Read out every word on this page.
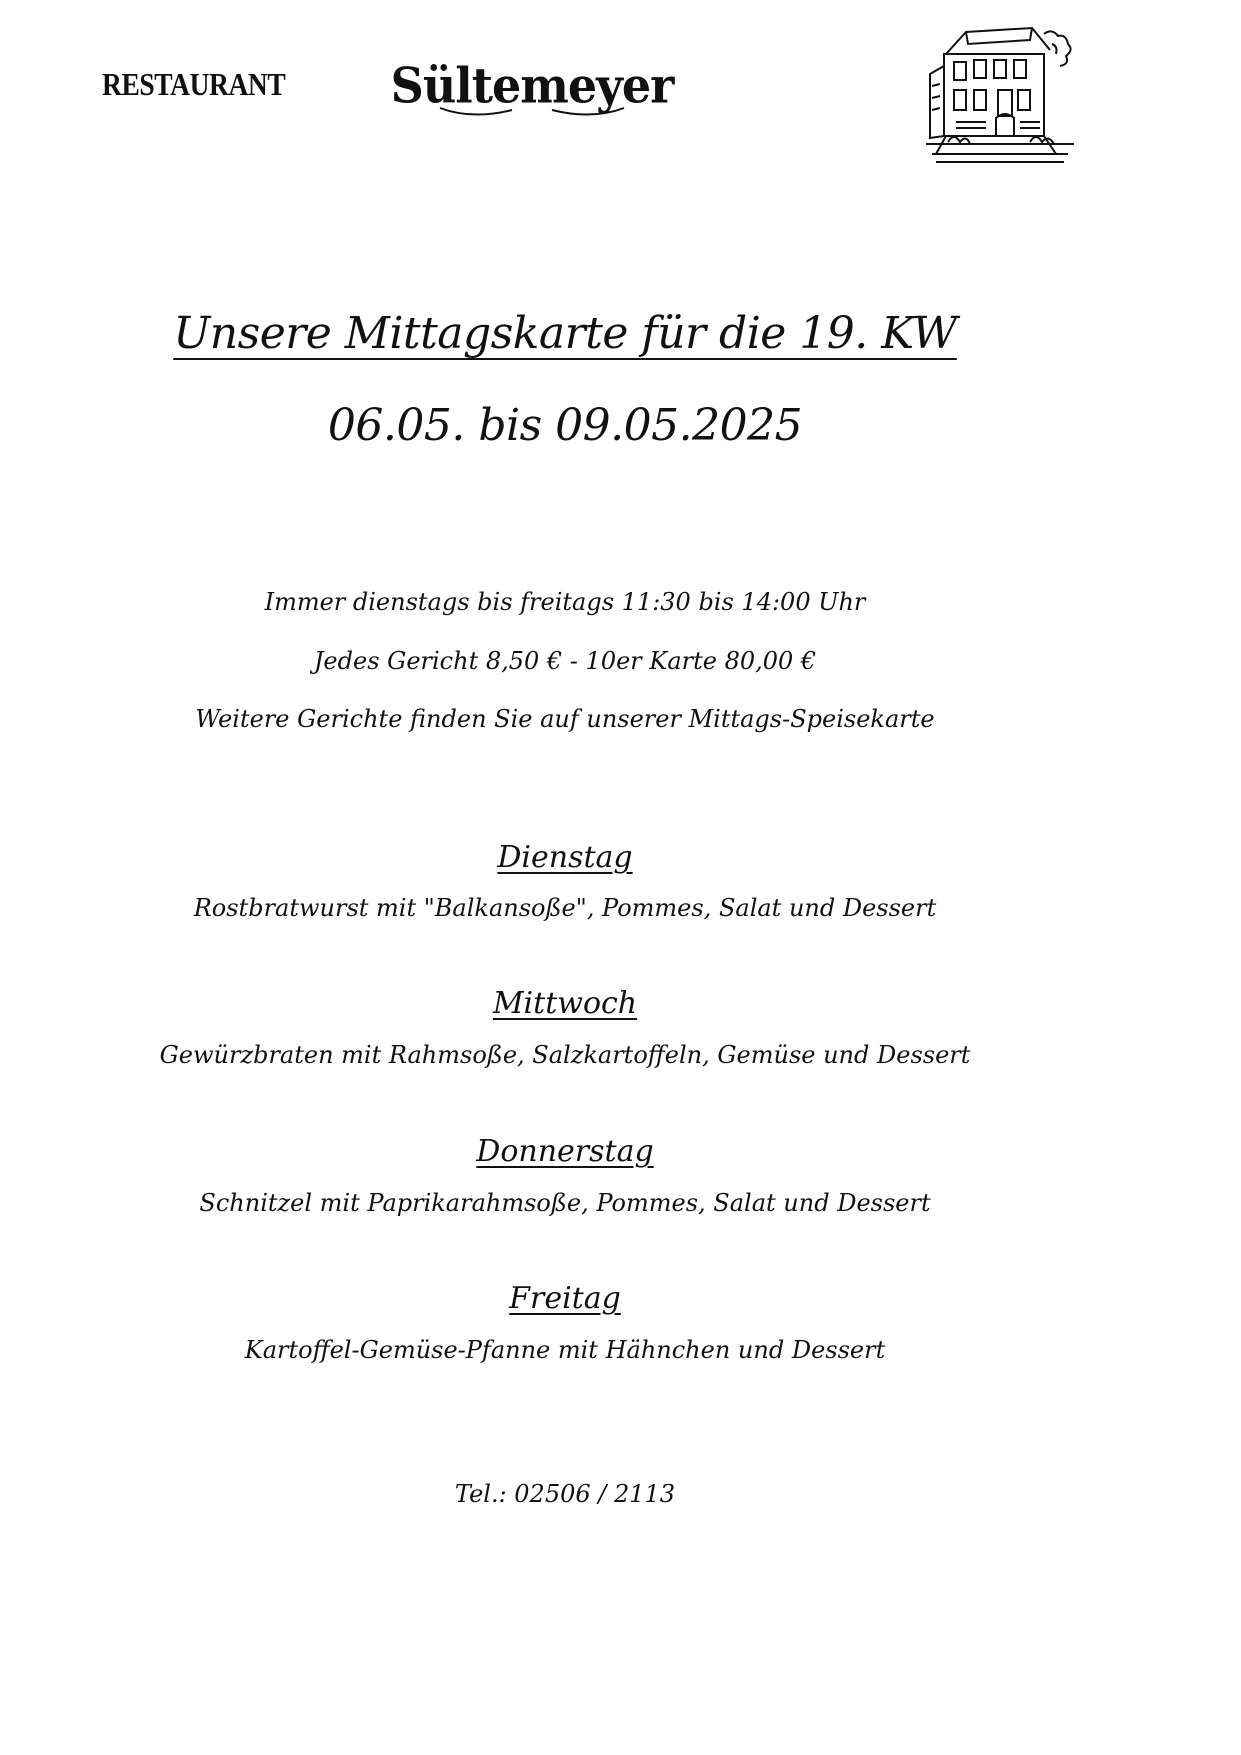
RESTAURANT Sültemeyer
Unsere Mittagskarte für die 19. KW
06.05. bis 09.05.2025
Immer dienstags bis freitags 11:30 bis 14:00 Uhr
Jedes Gericht 8,50 € - 10er Karte 80,00 €
Weitere Gerichte finden Sie auf unserer Mittags-Speisekarte
Dienstag
Rostbratwurst mit "Balkansoße", Pommes, Salat und Dessert
Mittwoch
Gewürzbraten mit Rahmsoße, Salzkartoffeln, Gemüse und Dessert
Donnerstag
Schnitzel mit Paprikarahmsoße, Pommes, Salat und Dessert
Freitag
Kartoffel-Gemüse-Pfanne mit Hähnchen und Dessert
Tel.: 02506 / 2113
